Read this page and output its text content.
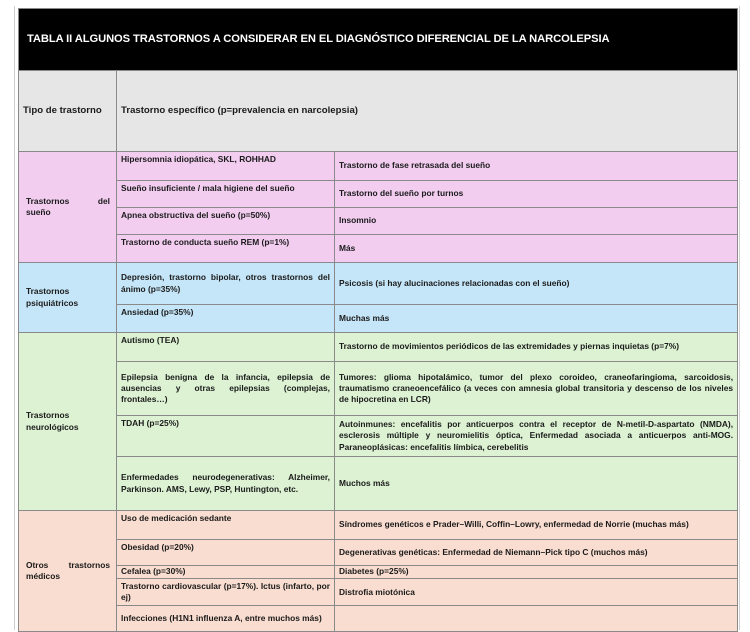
TABLA II ALGUNOS TRASTORNOS A CONSIDERAR EN EL DIAGNÓSTICO DIFERENCIAL DE LA NARCOLEPSIA		
Tipo de trastorno	Trastorno específico (p=prevalencia en narcolepsia)	
Trastornos del sueño	Hipersomnia idiopática, SKL, ROHHAD	Trastorno de fase retrasada del sueño
	Sueño insuficiente / mala higiene del sueño	Trastorno del sueño por turnos
	Apnea obstructiva del sueño (p=50%)	Insomnio
	Trastorno de conducta sueño REM (p=1%)	Más
Trastornos psiquiátricos	Depresión, trastorno bipolar, otros trastornos del ánimo (p=35%)	Psicosis (si hay alucinaciones relacionadas con el sueño)
	Ansiedad (p=35%)	Muchas más
Trastornos neurológicos	Autismo (TEA)	Trastorno de movimientos periódicos de las extremidades y piernas inquietas (p=7%)
	Epilepsia benigna de la infancia, epilepsia de ausencias y otras epilepsias (complejas, frontales…)	Tumores: glioma hipotalámico, tumor del plexo coroideo, craneofaringioma, sarcoidosis, traumatismo craneoencefálico (a veces con amnesia global transitoria y descenso de los niveles de hipocretina en LCR)
	TDAH (p=25%)	Autoinmunes: encefalitis por anticuerpos contra el receptor de N-metil-D-aspartato (NMDA), esclerosis múltiple y neuromielitis óptica, Enfermedad asociada a anticuerpos anti-MOG. Paraneoplásicas: encefalitis límbica, cerebelitis
	Enfermedades neurodegenerativas: Alzheimer, Parkinson. AMS, Lewy, PSP, Huntington, etc.	Muchos más
Otros trastornos médicos	Uso de medicación sedante	Síndromes genéticos e Prader–Willi, Coffin–Lowry, enfermedad de Norrie (muchas más)
	Obesidad (p=20%)	Degenerativas genéticas: Enfermedad de Niemann–Pick tipo C (muchos más)
	Cefalea (p=30%)	Diabetes (p=25%)
	Trastorno cardiovascular (p=17%). Ictus (infarto, por ej)	Distrofia miotónica
	Infecciones (H1N1 influenza A, entre muchos más)	
